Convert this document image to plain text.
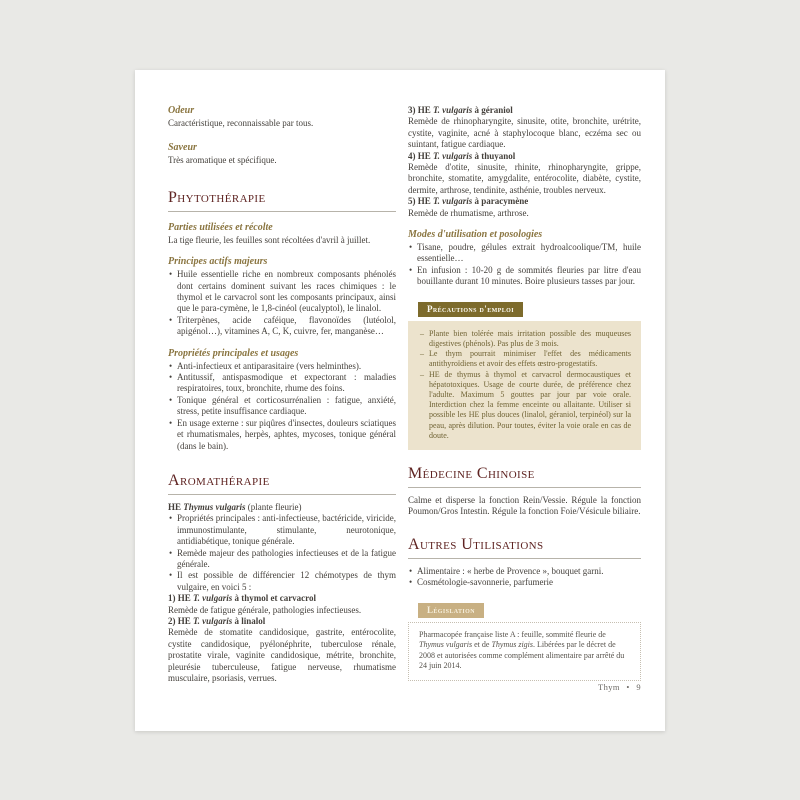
Odeur

Caractéristique, reconnaissable par tous.

Saveur

Très aromatique et spécifique.

Phytothérapie
Parties utilisées et récolte

La tige fleurie, les feuilles sont récoltées d'avril à juillet.

Principes actifs majeurs

• Huile essentielle riche en nombreux composants phénolés dont certains dominent suivant les races chimiques : le thymol et le carvacrol sont les composants principaux, ainsi que le para-cymène, le 1,8-cinéol (eucalyptol), le linalol.

• Triterpènes, acide caféique, flavonoïdes (lutéolol, apigénol…), vitamines A, C, K, cuivre, fer, manganèse…

Propriétés principales et usages

• Anti-infectieux et antiparasitaire (vers helminthes).

• Antitussif, antispasmodique et expectorant : maladies respiratoires, toux, bronchite, rhume des foins.

• Tonique général et corticosurrénalien : fatigue, anxiété, stress, petite insuffisance cardiaque.

• En usage externe : sur piqûres d'insectes, douleurs sciatiques et rhumatismales, herpès, aphtes, mycoses, tonique général (dans le bain).

Aromathérapie

HE Thymus vulgaris (plante fleurie)

• Propriétés principales : anti-infectieuse, bactéricide, viricide, immunostimulante, stimulante, neurotonique, antidiabétique, tonique générale.

• Remède majeur des pathologies infectieuses et de la fatigue générale.

• Il est possible de différencier 12 chémotypes de thym vulgaire, en voici 5 :

1) HE T. vulgaris à thymol et carvacrol

Remède de fatigue générale, pathologies infectieuses.

2) HE T. vulgaris à linalol

Remède de stomatite candidosique, gastrite, entérocolite, cystite candidosique, pyélonéphrite, tuberculose rénale, prostatite virale, vaginite candidosique, métrite, bronchite, pleurésie tuberculeuse, fatigue nerveuse, rhumatisme musculaire, psoriasis, verrues.

3) HE T. vulgaris à géraniol

Remède de rhinopharyngite, sinusite, otite, bronchite, urétrite, cystite, vaginite, acné à staphylocoque blanc, eczéma sec ou suintant, fatigue cardiaque.

4) HE T. vulgaris à thuyanol

Remède d'otite, sinusite, rhinite, rhinopharyngite, grippe, bronchite, stomatite, amygdalite, entérocolite, diabète, cystite, dermite, arthrose, tendinite, asthénie, troubles nerveux.

5) HE T. vulgaris à paracymène

Remède de rhumatisme, arthrose.

Modes d'utilisation et posologies

• Tisane, poudre, gélules extrait hydroalcoolique/TM, huile essentielle…

• En infusion : 10-20 g de sommités fleuries par litre d'eau bouillante durant 10 minutes. Boire plusieurs tasses par jour.

Précautions d'emploi

– Plante bien tolérée mais irritation possible des muqueuses digestives (phénols). Pas plus de 3 mois.

– Le thym pourrait minimiser l'effet des médicaments antithyroïdiens et avoir des effets œstro-progestatifs.

– HE de thymus à thymol et carvacrol dermocaustiques et hépatotoxiques. Usage de courte durée, de préférence chez l'adulte. Maximum 5 gouttes par jour par voie orale. Interdiction chez la femme enceinte ou allaitante. Utiliser si possible les HE plus douces (linalol, géraniol, terpinéol) sur la peau, après dilution. Pour toutes, éviter la voie orale en cas de doute.

Médecine Chinoise

Calme et disperse la fonction Rein/Vessie. Régule la fonction Poumon/Gros Intestin. Régule la fonction Foie/Vésicule biliaire.

Autres Utilisations

• Alimentaire : « herbe de Provence », bouquet garni.

• Cosmétologie-savonnerie, parfumerie

Législation
Pharmacopée française liste A : feuille, sommité fleurie de Thymus vulgaris et de Thymus zigis. Libérées par le décret de 2008 et autorisées comme complément alimentaire par arrêté du 24 juin 2014.
Thym • 9
